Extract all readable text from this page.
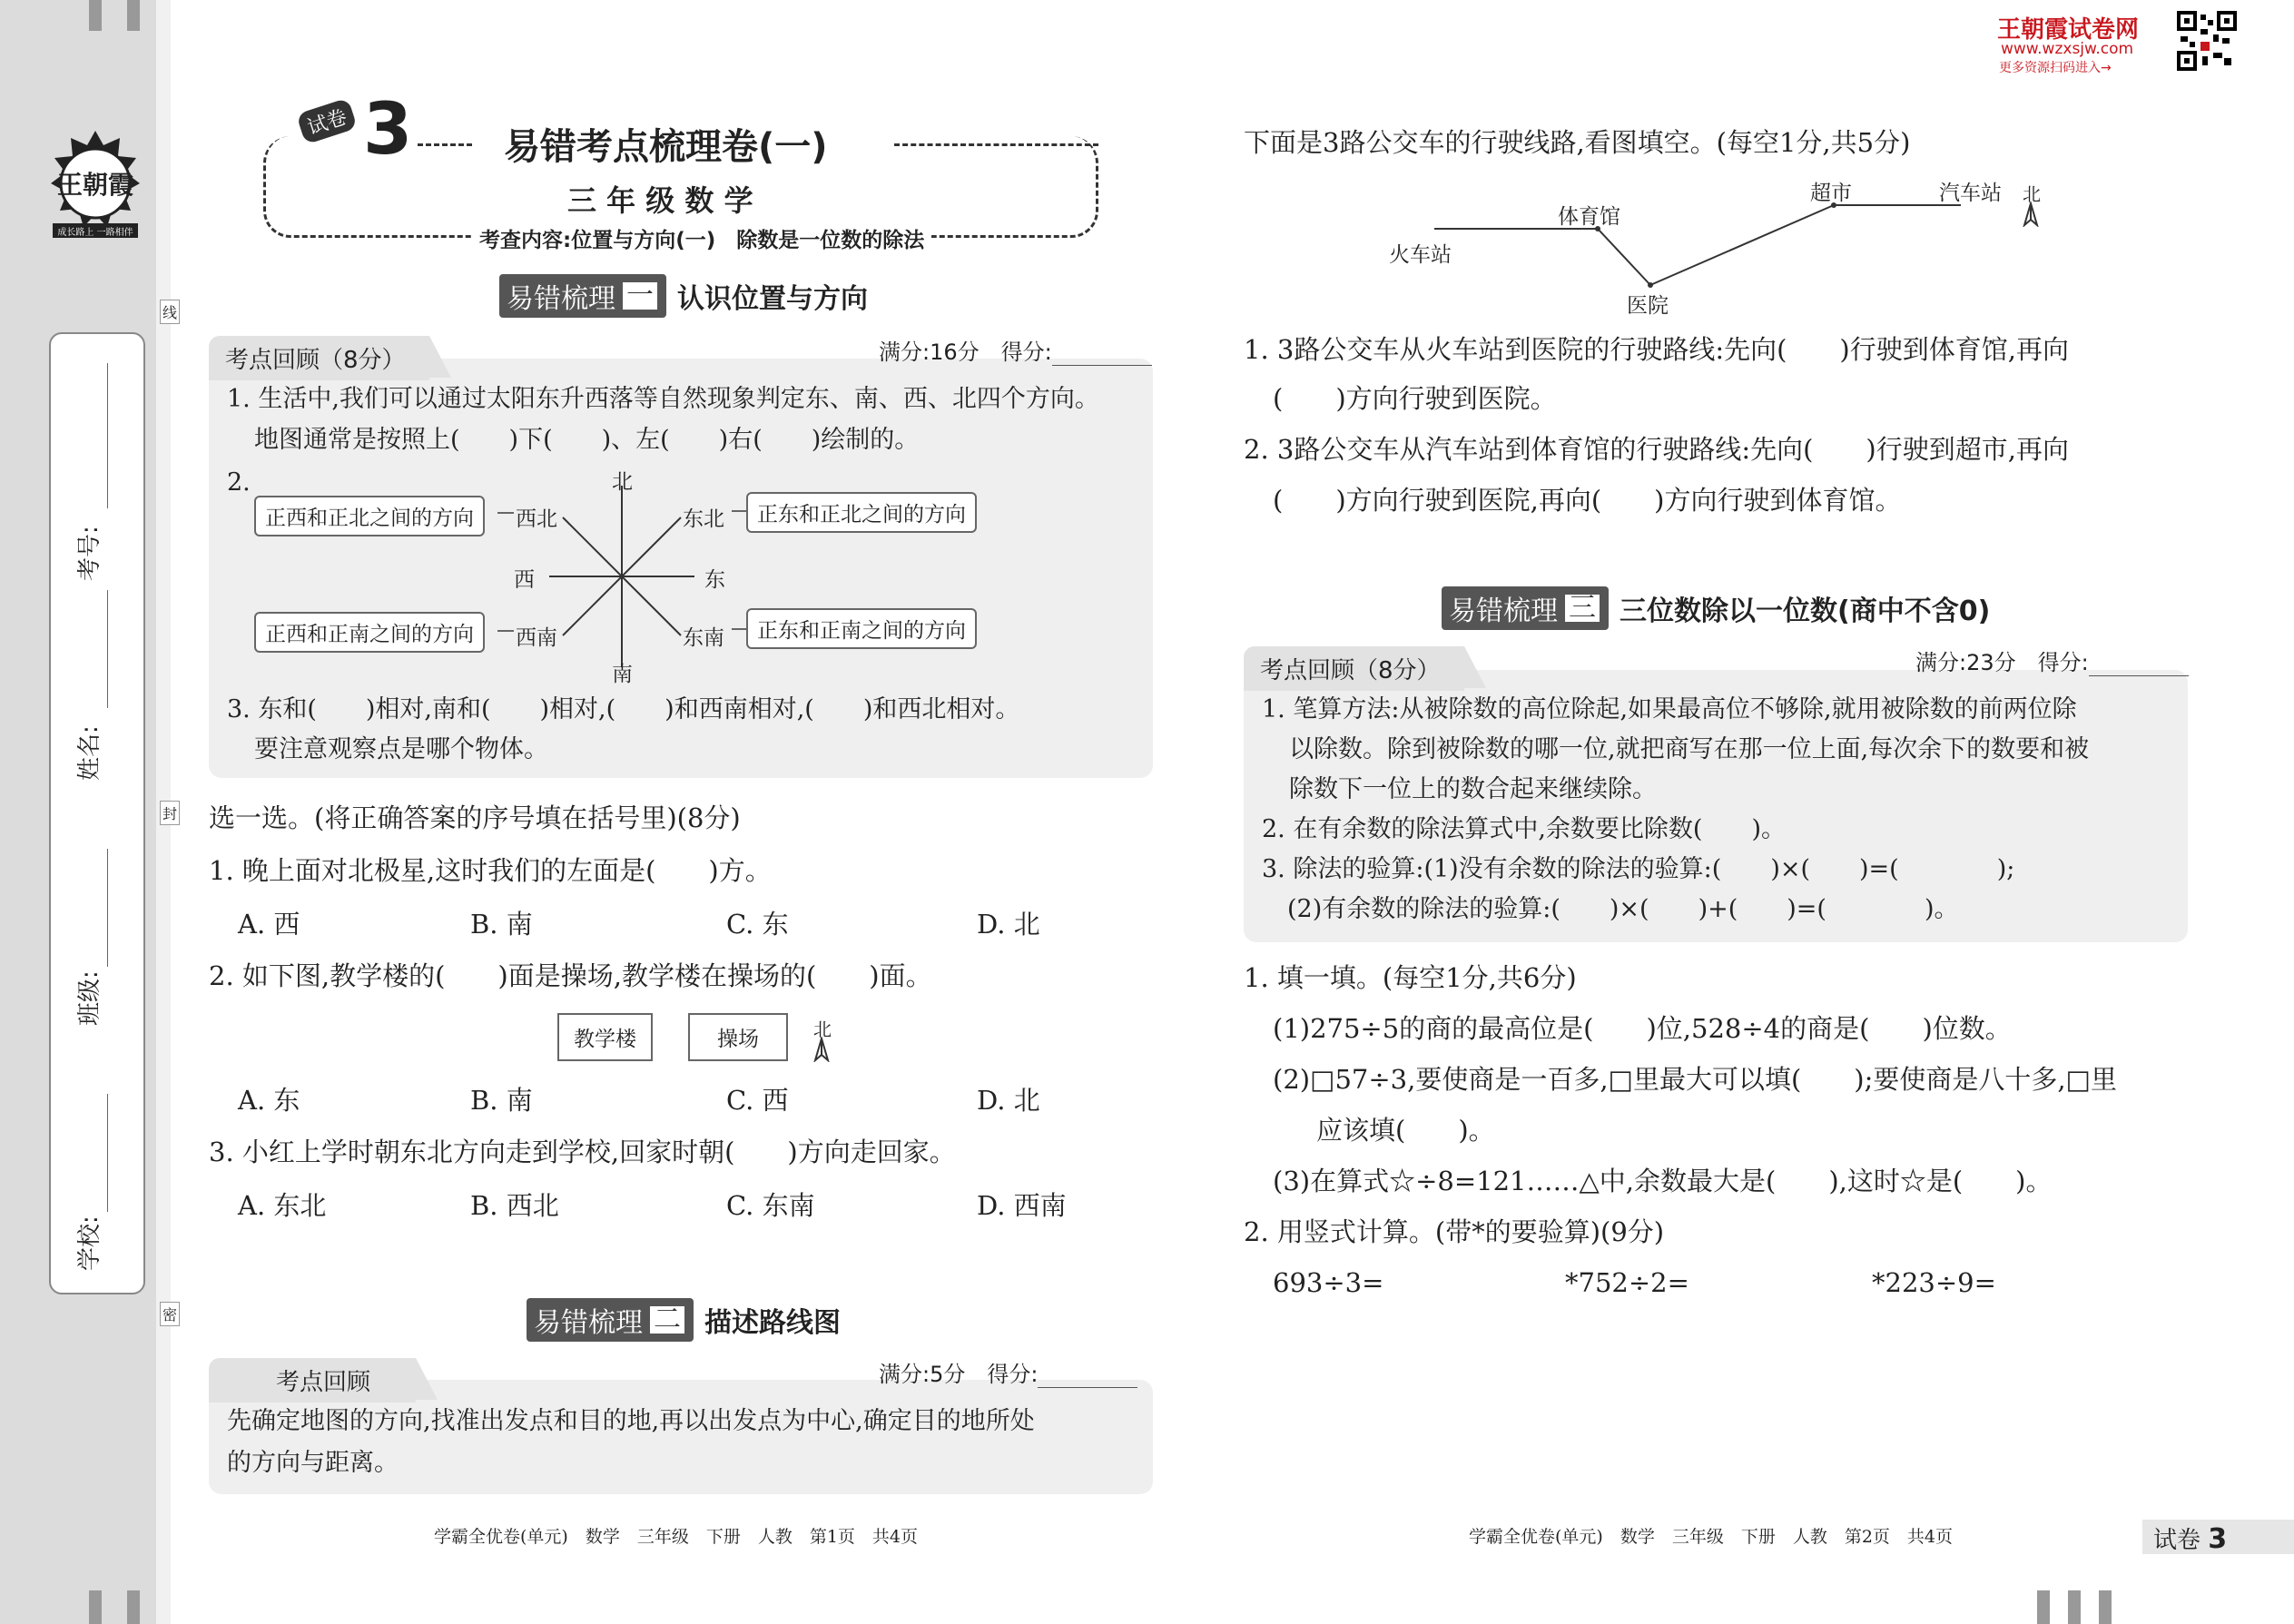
王朝霞
成长路上 一路相伴
考号:
姓名:
班级:
学校:
线
封
密
试卷 3	易错考点梳理卷(一)
三 年 级 数 学
考查内容:位置与方向(一)　除数是一位数的除法
王朝霞试卷网
www.wzxsjw.com
更多资源扫码进入→
易错梳理 一 认识位置与方向
考点回顾（8分）	满分:16分　得分:
1. 生活中,我们可以通过太阳东升西落等自然现象判定东、南、西、北四个方向。
地图通常是按照上(　　)下(　　)、左(　　)右(　　)绘制的。
2.	北
南
西	东
西北	东北
西南	东南
正西和正北之间的方向	正东和正北之间的方向
正西和正南之间的方向	正东和正南之间的方向
3. 东和(　　)相对,南和(　　)相对,(　　)和西南相对,(　　)和西北相对。
要注意观察点是哪个物体。
选一选。(将正确答案的序号填在括号里)(8分)
1. 晚上面对北极星,这时我们的左面是(　　)方。
A. 西	B. 南	C. 东	D. 北
2. 如下图,教学楼的(　　)面是操场,教学楼在操场的(　　)面。
教学楼	操场	北
A. 东	B. 南	C. 西	D. 北
3. 小红上学时朝东北方向走到学校,回家时朝(　　)方向走回家。
A. 东北	B. 西北	C. 东南	D. 西南
易错梳理 二 描述路线图
考点回顾	满分:5分　得分:
先确定地图的方向,找准出发点和目的地,再以出发点为中心,确定目的地所处
的方向与距离。
学霸全优卷(单元)　数学　三年级　下册　人教　第1页　共4页
下面是3路公交车的行驶线路,看图填空。(每空1分,共5分)
火车站
体育馆
医院
超市	汽车站 北
1. 3路公交车从火车站到医院的行驶路线:先向(　　)行驶到体育馆,再向
(　　)方向行驶到医院。
2. 3路公交车从汽车站到体育馆的行驶路线:先向(　　)行驶到超市,再向
(　　)方向行驶到医院,再向(　　)方向行驶到体育馆。
易错梳理 三 三位数除以一位数(商中不含0)
考点回顾（8分）	满分:23分　得分:
1. 笔算方法:从被除数的高位除起,如果最高位不够除,就用被除数的前两位除
以除数。除到被除数的哪一位,就把商写在那一位上面,每次余下的数要和被
除数下一位上的数合起来继续除。
2. 在有余数的除法算式中,余数要比除数(　　)。
3. 除法的验算:(1)没有余数的除法的验算:(　　)×(　　)=(　　　　);
(2)有余数的除法的验算:(　　)×(　　)+(　　)=(　　　　)。
1. 填一填。(每空1分,共6分)
(1)275÷5的商的最高位是(　　)位,528÷4的商是(　　)位数。
(2)□57÷3,要使商是一百多,□里最大可以填(　　);要使商是八十多,□里
应该填(　　)。
(3)在算式☆÷8=121……△中,余数最大是(　　),这时☆是(　　)。
2. 用竖式计算。(带*的要验算)(9分)
693÷3=	*752÷2=	*223÷9=
学霸全优卷(单元)　数学　三年级　下册　人教　第2页　共4页	试卷 3
